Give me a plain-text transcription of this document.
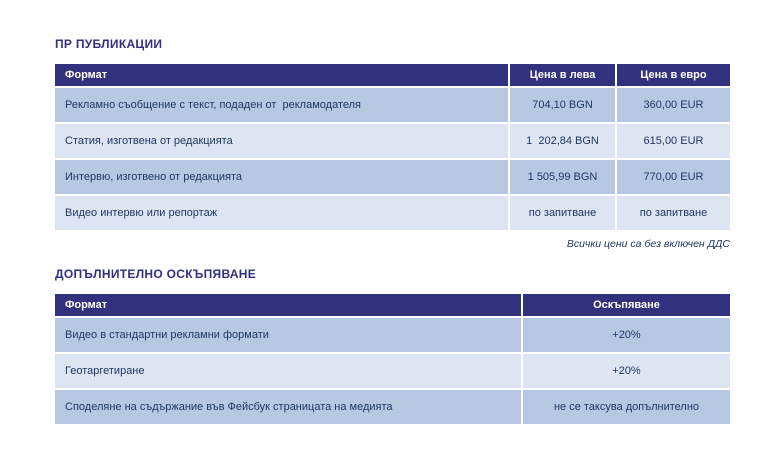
ПР ПУБЛИКАЦИИ
Формат	Цена в лева	Цена в евро
Рекламно съобщение с текст, подаден от  рекламодателя	704,10 BGN	360,00 EUR
Статия, изготвена от редакцията	1  202,84 BGN	615,00 EUR
Интервю, изготвено от редакцията	1 505,99 BGN	770,00 EUR
Видео интервю или репортаж	по запитване	по запитване
Всички цени са без включен ДДС
ДОПЪЛНИТЕЛНО ОСКЪПЯВАНЕ
Формат	Оскъпяване
Видео в стандартни рекламни формати	+20%
Геотаргетиране	+20%
Споделяне на съдържание във Фейсбук страницата на медията	не се таксува допълнително
